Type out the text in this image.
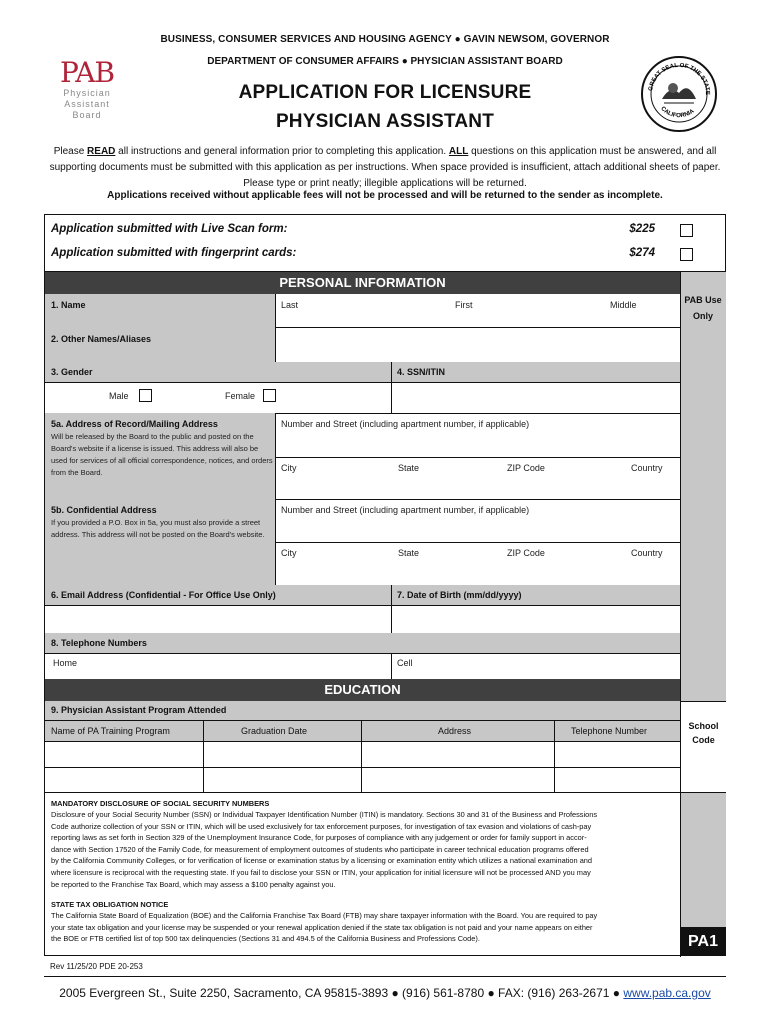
PAB
Physician
Assistant
Board
BUSINESS, CONSUMER SERVICES AND HOUSING AGENCY ● GAVIN NEWSOM, GOVERNOR
DEPARTMENT OF CONSUMER AFFAIRS ● PHYSICIAN ASSISTANT BOARD
APPLICATION FOR LICENSURE
PHYSICIAN ASSISTANT
GREAT SEAL OF THE STATE
CALIFORNIA
Please READ all instructions and general information prior to completing this application. ALL questions on this application must be answered, and all supporting documents must be submitted with this application as per instructions. When space provided is insufficient, attach additional sheets of paper. Please type or print neatly; illegible applications will be returned.
Applications received without applicable fees will not be processed and will be returned to the sender as incomplete.
Application submitted with Live Scan form:	$225
Application submitted with fingerprint cards:	$274
PAB Use Only
PERSONAL INFORMATION
1. Name	Last	First	Middle
2. Other Names/Aliases
3. Gender	4. SSN/ITIN
Male	Female
5a. Address of Record/Mailing Address
Will be released by the Board to the public and posted on the Board's website if a license is issued. This address will also be used for services of all official correspondence, notices, and orders from the Board.
Number and Street (including apartment number, if applicable)
City	State	ZIP Code	Country
5b. Confidential Address
If you provided a P.O. Box in 5a, you must also provide a street address. This address will not be posted on the Board's website.
Number and Street (including apartment number, if applicable)
City	State	ZIP Code	Country
6. Email Address (Confidential - For Office Use Only)	7. Date of Birth (mm/dd/yyyy)
8. Telephone Numbers
Home	Cell
EDUCATION
9. Physician Assistant Program Attended
Name of PA Training Program	Graduation Date	Address	Telephone Number	School Code
MANDATORY DISCLOSURE OF SOCIAL SECURITY NUMBERS
Disclosure of your Social Security Number (SSN) or Individual Taxpayer Identification Number (ITIN) is mandatory. Sections 30 and 31 of the Business and Professions
Code authorize collection of your SSN or ITIN, which will be used exclusively for tax enforcement purposes, for investigation of tax evasion and violations of cash-pay
reporting laws as set forth in Section 329 of the Unemployment Insurance Code, for purposes of compliance with any judgement or order for family support in accor-
dance with Section 17520 of the Family Code, for measurement of employment outcomes of students who participate in career technical education programs offered
by the California Community Colleges, or for verification of license or examination status by a licensing or examination entity which utilizes a national examination and
where licensure is reciprocal with the requesting state. If you fail to disclose your SSN or ITIN, your application for initial licensure will not be processed AND you may
be reported to the Franchise Tax Board, which may assess a $100 penalty against you.
STATE TAX OBLIGATION NOTICE
The California State Board of Equalization (BOE) and the California Franchise Tax Board (FTB) may share taxpayer information with the Board. You are required to pay
your state tax obligation and your license may be suspended or your renewal application denied if the state tax obligation is not paid and your name appears on either
the BOE or FTB certified list of top 500 tax delinquencies (Sections 31 and 494.5 of the California Business and Professions Code).	PA1
Rev 11/25/20 PDE 20-253
2005 Evergreen St., Suite 2250, Sacramento, CA 95815-3893 ● (916) 561-8780 ● FAX: (916) 263-2671 ● www.pab.ca.gov
